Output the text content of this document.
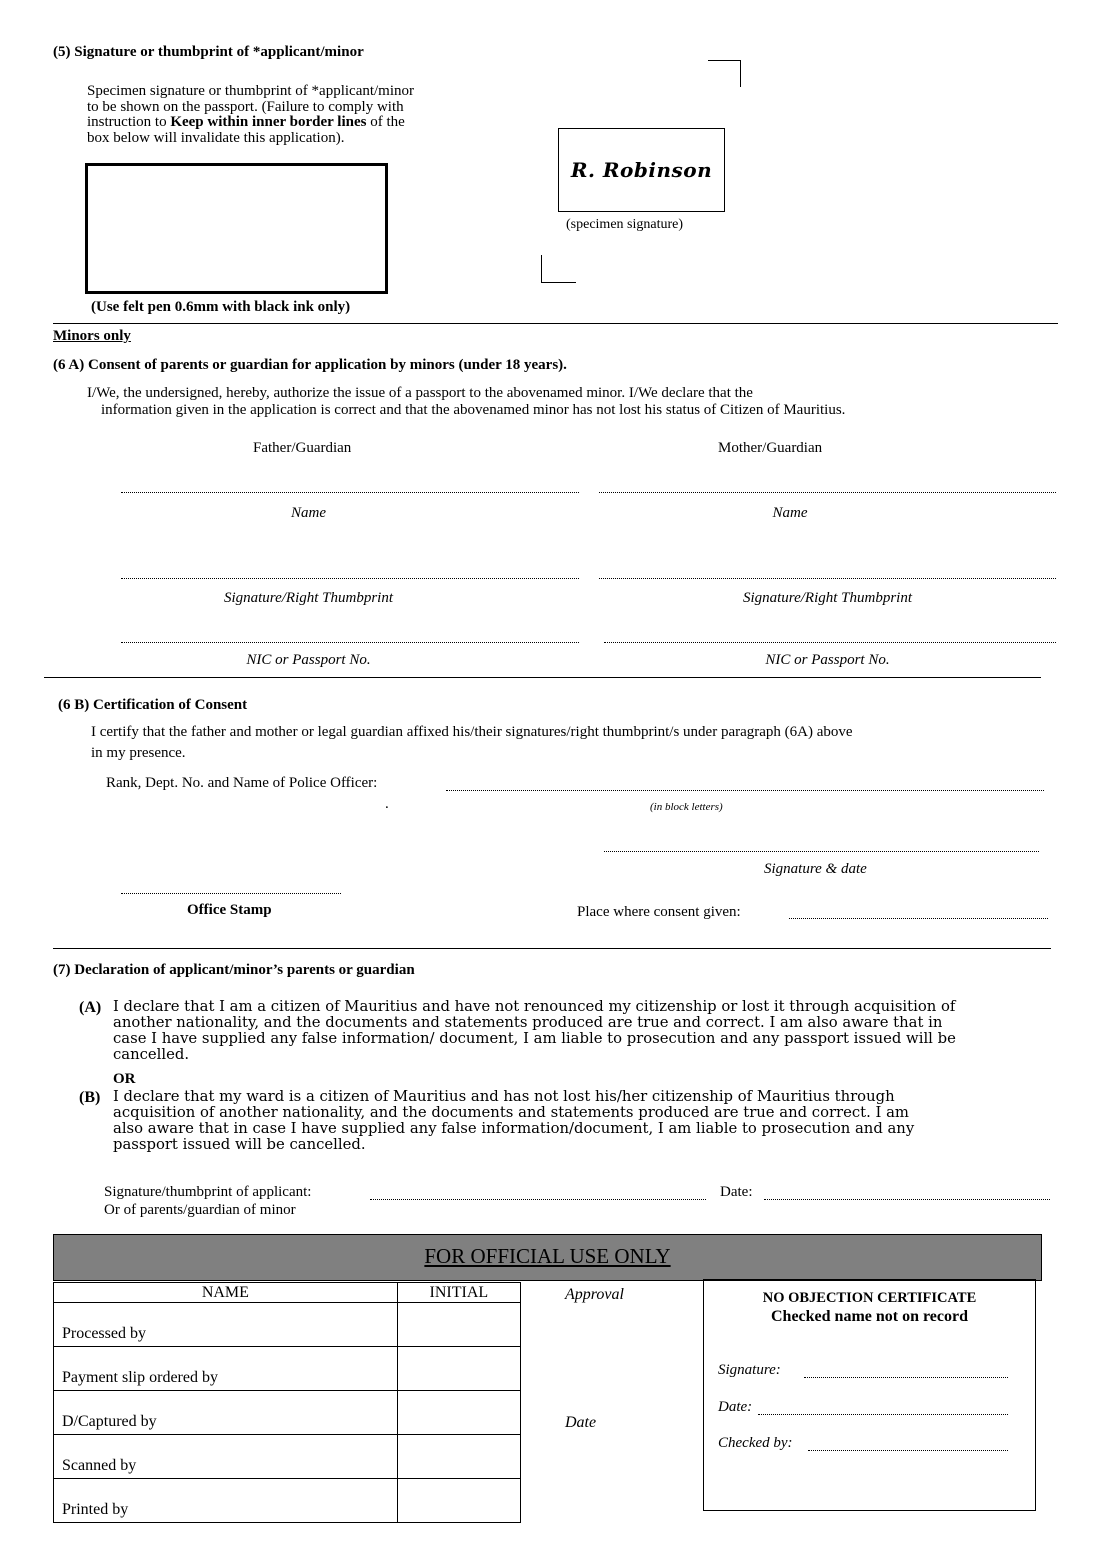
(5) Signature or thumbprint of *applicant/minor
Specimen signature or thumbprint of *applicant/minor
to be shown on the passport. (Failure to comply with
instruction to Keep within inner border lines of the
box below will invalidate this application).
(Use felt pen 0.6mm with black ink only)
R. Robinson
(specimen signature)
Minors only
(6 A) Consent of parents or guardian for application by minors (under 18 years).
I/We, the undersigned, hereby, authorize the issue of a passport to the abovenamed minor. I/We declare that the
information given in the application is correct and that the abovenamed minor has not lost his status of Citizen of Mauritius.
Father/Guardian	Mother/Guardian
Name	Name
Signature/Right Thumbprint	Signature/Right Thumbprint
NIC or Passport No.	NIC or Passport No.
(6 B) Certification of Consent
I certify that the father and mother or legal guardian affixed his/their signatures/right thumbprint/s under paragraph (6A) above
in my presence.
Rank, Dept. No. and Name of Police Officer:
.	(in block letters)
Signature & date
Office Stamp	Place where consent given:
(7) Declaration of applicant/minor’s parents or guardian
(A) I declare that I am a citizen of Mauritius and have not renounced my citizenship or lost it through acquisition of
another nationality, and the documents and statements produced are true and correct. I am also aware that in
case I have supplied any false information/ document, I am liable to prosecution and any passport issued will be
cancelled.
OR
(B) I declare that my ward is a citizen of Mauritius and has not lost his/her citizenship of Mauritius through
acquisition of another nationality, and the documents and statements produced are true and correct. I am
also aware that in case I have supplied any false information/document, I am liable to prosecution and any
passport issued will be cancelled.
Signature/thumbprint of applicant:	Date:
Or of parents/guardian of minor
FOR OFFICIAL USE ONLY
NAME	INITIAL
Processed by	
Payment slip ordered by	
D/Captured by	
Scanned by	
Printed by	
Approval
Date
NO OBJECTION CERTIFICATE
Checked name not on record
Signature:
Date:
Checked by:
